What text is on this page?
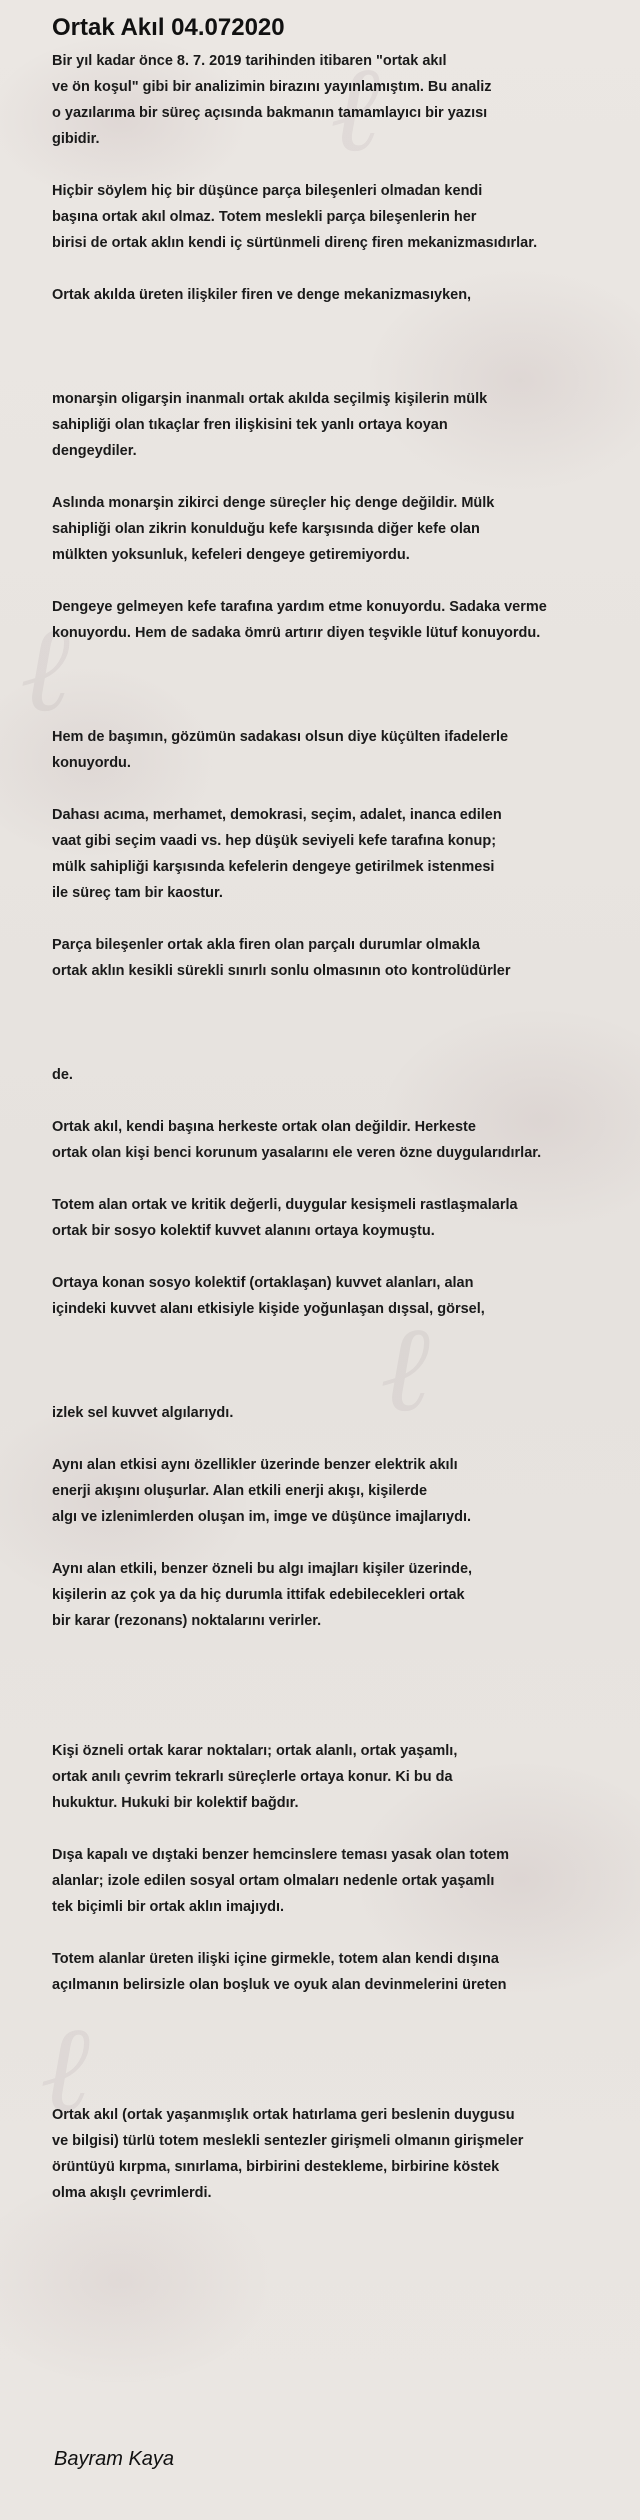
ℓ
ℓ
ℓ
ℓ
Ortak Akıl 04.072020
Bir yıl kadar önce 8. 7. 2019 tarihinden itibaren "ortak akıl
ve ön koşul" gibi bir analizimin birazını yayınlamıştım. Bu analiz
o yazılarıma bir süreç açısında bakmanın tamamlayıcı bir yazısı
gibidir.
Hiçbir söylem hiç bir düşünce parça bileşenleri olmadan kendi
başına ortak akıl olmaz. Totem meslekli parça bileşenlerin her
birisi de ortak aklın kendi iç sürtünmeli direnç firen mekanizmasıdırlar.
Ortak akılda üreten ilişkiler firen ve denge mekanizmasıyken,
monarşin oligarşin inanmalı ortak akılda seçilmiş kişilerin mülk
sahipliği olan tıkaçlar fren ilişkisini tek yanlı ortaya koyan
dengeydiler.
Aslında monarşin zikirci denge süreçler hiç denge değildir. Mülk
sahipliği olan zikrin konulduğu kefe karşısında diğer kefe olan
mülkten yoksunluk, kefeleri dengeye getiremiyordu.
Dengeye gelmeyen kefe tarafına yardım etme konuyordu. Sadaka verme
konuyordu. Hem de sadaka ömrü artırır diyen teşvikle lütuf konuyordu.
Hem de başımın, gözümün sadakası olsun diye küçülten ifadelerle
konuyordu.
Dahası acıma, merhamet, demokrasi, seçim, adalet, inanca edilen
vaat gibi seçim vaadi vs. hep düşük seviyeli kefe tarafına konup;
mülk sahipliği karşısında kefelerin dengeye getirilmek istenmesi
ile süreç tam bir kaostur.
Parça bileşenler ortak akla firen olan parçalı durumlar olmakla
ortak aklın kesikli sürekli sınırlı sonlu olmasının oto kontrolüdürler
de.
Ortak akıl, kendi başına herkeste ortak olan değildir. Herkeste
ortak olan kişi benci korunum yasalarını ele veren özne duygularıdırlar.
Totem alan ortak ve kritik değerli, duygular kesişmeli rastlaşmalarla
ortak bir sosyo kolektif kuvvet alanını ortaya koymuştu.
Ortaya konan sosyo kolektif (ortaklaşan) kuvvet alanları, alan
içindeki kuvvet alanı etkisiyle kişide yoğunlaşan dışsal, görsel,
izlek sel kuvvet algılarıydı.
Aynı alan etkisi aynı özellikler üzerinde benzer elektrik akılı
enerji akışını oluşurlar. Alan etkili enerji akışı, kişilerde
algı ve izlenimlerden oluşan im, imge ve düşünce imajlarıydı.
Aynı alan etkili, benzer özneli bu algı imajları kişiler üzerinde,
kişilerin az çok ya da hiç durumla ittifak edebilecekleri ortak
bir karar (rezonans) noktalarını verirler.
Kişi özneli ortak karar noktaları; ortak alanlı, ortak yaşamlı,
ortak anılı çevrim tekrarlı süreçlerle ortaya konur. Ki bu da
hukuktur. Hukuki bir kolektif bağdır.
Dışa kapalı ve dıştaki benzer hemcinslere teması yasak olan totem
alanlar; izole edilen sosyal ortam olmaları nedenle ortak yaşamlı
tek biçimli bir ortak aklın imajıydı.
Totem alanlar üreten ilişki içine girmekle, totem alan kendi dışına
açılmanın belirsizle olan boşluk ve oyuk alan devinmelerini üreten
Ortak akıl (ortak yaşanmışlık ortak hatırlama geri beslenin duygusu
ve bilgisi) türlü totem meslekli sentezler girişmeli olmanın girişmeler
örüntüyü kırpma, sınırlama, birbirini destekleme, birbirine köstek
olma akışlı çevrimlerdi.
Bayram Kaya
